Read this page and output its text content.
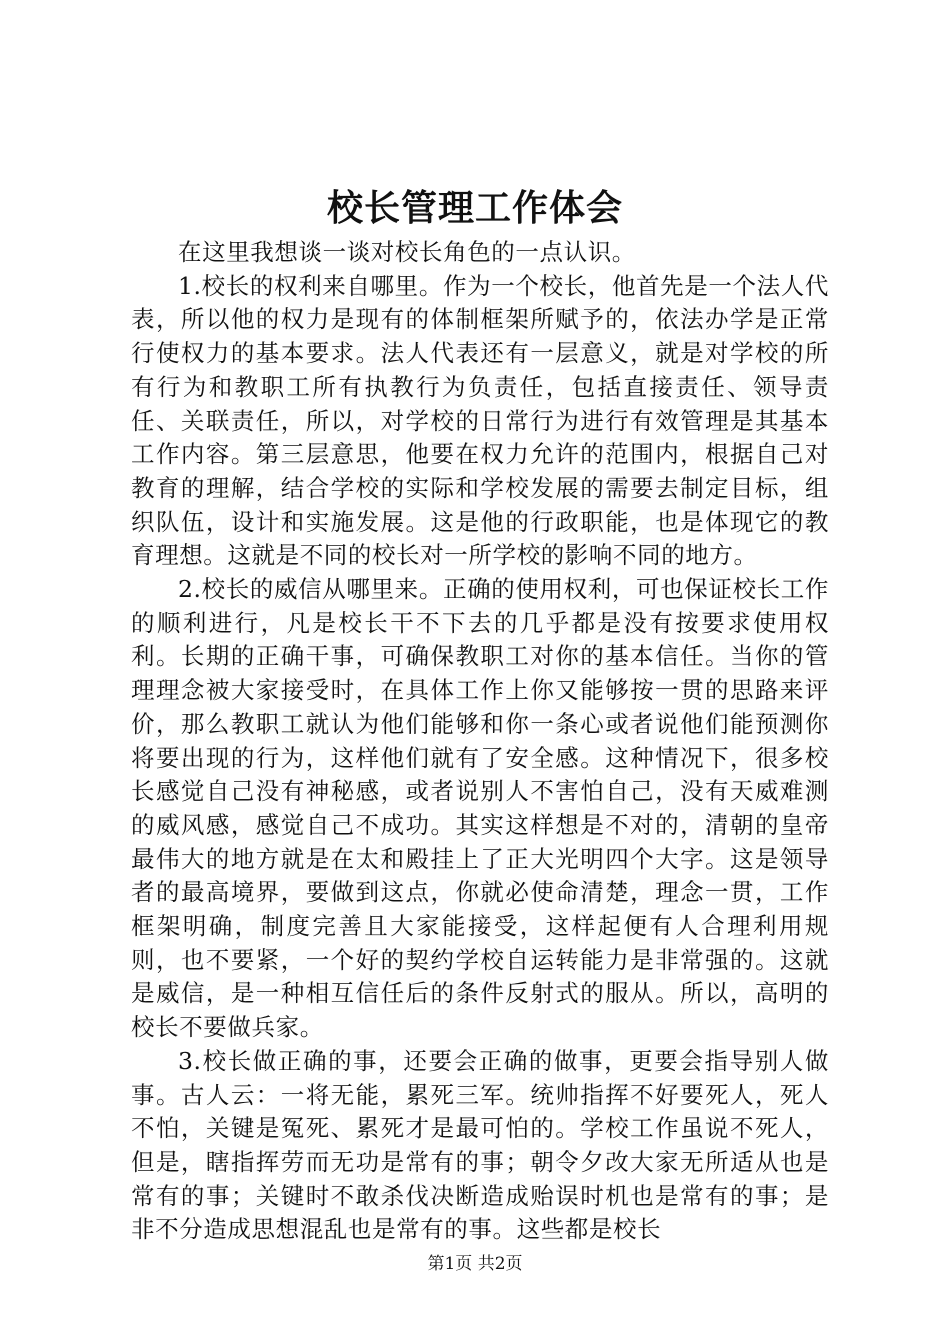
校长管理工作体会

在这里我想谈一谈对校长角色的一点认识。

1.校长的权利来自哪里。作为一个校长，他首先是一个法人代表，所以他的权力是现有的体制框架所赋予的，依法办学是正常行使权力的基本要求。法人代表还有一层意义，就是对学校的所有行为和教职工所有执教行为负责任，包括直接责任、领导责任、关联责任，所以，对学校的日常行为进行有效管理是其基本工作内容。第三层意思，他要在权力允许的范围内，根据自己对教育的理解，结合学校的实际和学校发展的需要去制定目标，组织队伍，设计和实施发展。这是他的行政职能，也是体现它的教育理想。这就是不同的校长对一所学校的影响不同的地方。

2.校长的威信从哪里来。正确的使用权利，可也保证校长工作的顺利进行，凡是校长干不下去的几乎都是没有按要求使用权利。长期的正确干事，可确保教职工对你的基本信任。当你的管理理念被大家接受时，在具体工作上你又能够按一贯的思路来评价，那么教职工就认为他们能够和你一条心或者说他们能预测你将要出现的行为，这样他们就有了安全感。这种情况下，很多校长感觉自己没有神秘感，或者说别人不害怕自己，没有天威难测的威风感，感觉自己不成功。其实这样想是不对的，清朝的皇帝最伟大的地方就是在太和殿挂上了正大光明四个大字。这是领导者的最高境界，要做到这点，你就必使命清楚，理念一贯，工作框架明确，制度完善且大家能接受，这样起便有人合理利用规则，也不要紧，一个好的契约学校自运转能力是非常强的。这就是威信，是一种相互信任后的条件反射式的服从。所以，高明的校长不要做兵家。

3.校长做正确的事，还要会正确的做事，更要会指导别人做事。古人云：一将无能，累死三军。统帅指挥不好要死人，死人不怕，关键是冤死、累死才是最可怕的。学校工作虽说不死人，但是，瞎指挥劳而无功是常有的事；朝令夕改大家无所适从也是常有的事；关键时不敢杀伐决断造成贻误时机也是常有的事；是非不分造成思想混乱也是常有的事。这些都是校长

第1页 共2页
